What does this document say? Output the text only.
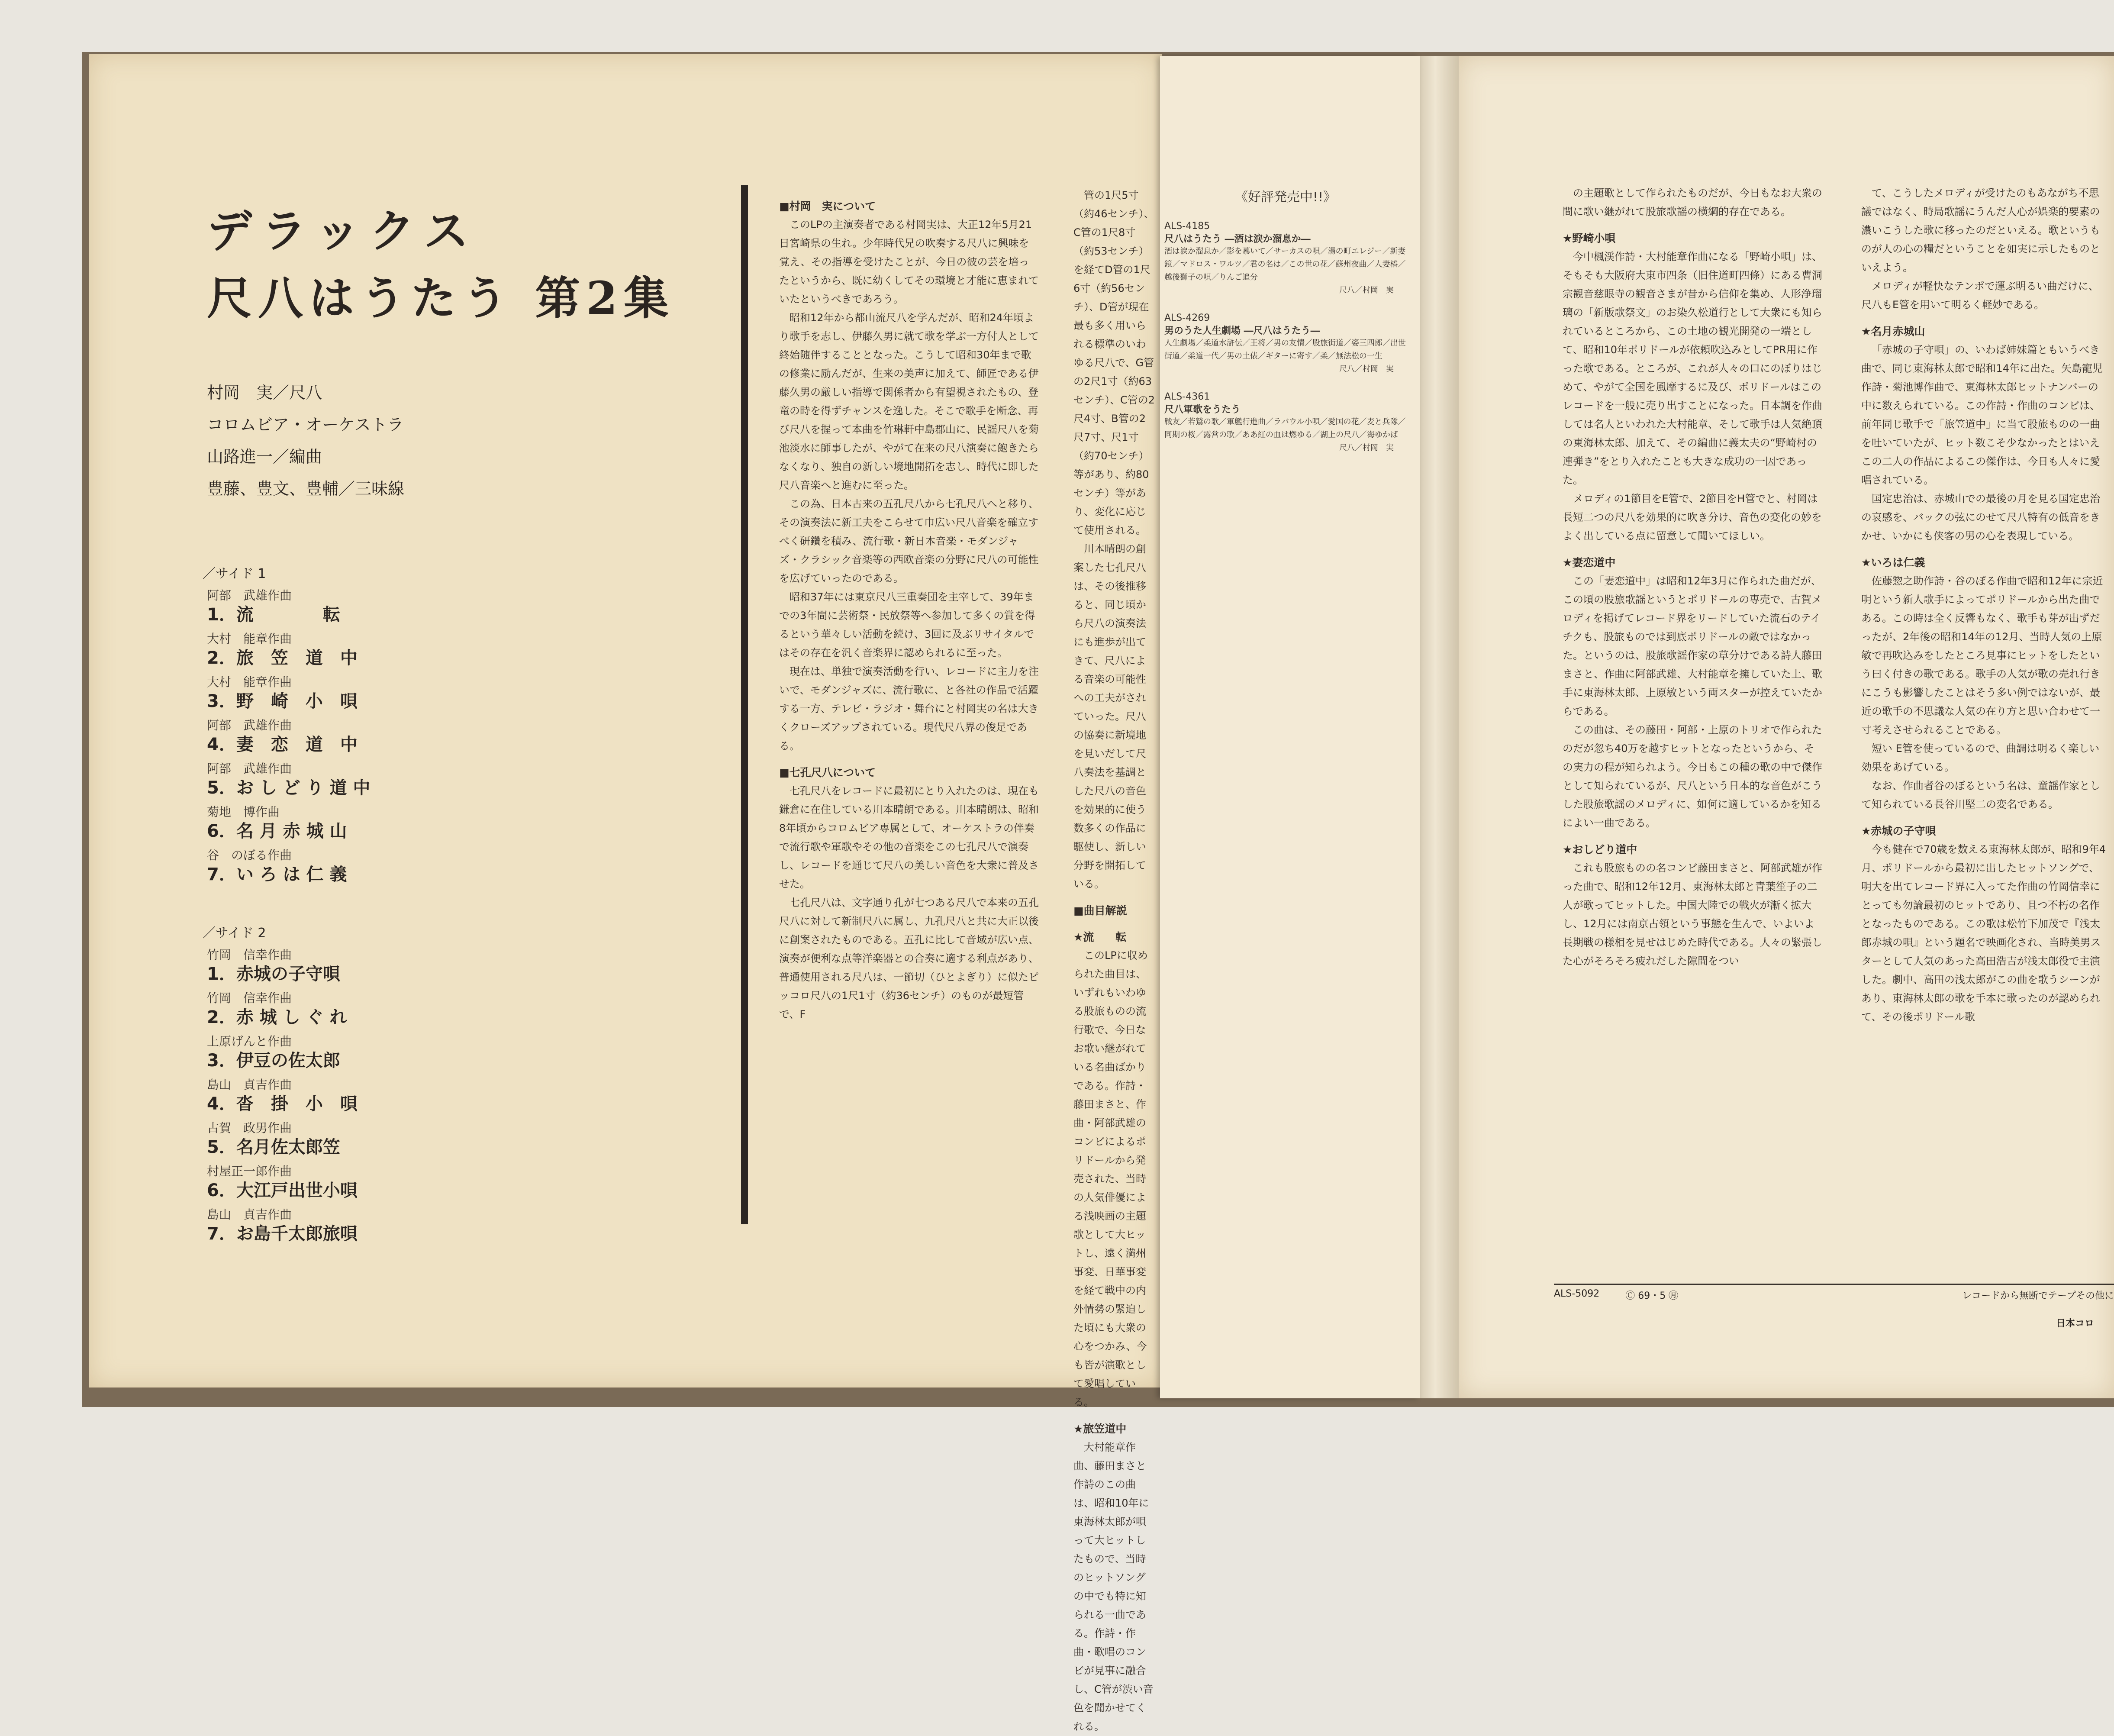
デラックス
尺八はうたう 第2集
村岡　実／尺八
コロムビア・オーケストラ
山路進一／編曲
豊藤、豊文、豊輔／三味線
／サイド 1
阿部　武雄作曲
1．流　　　　転
大村　能章作曲
2．旅　笠　道　中
大村　能章作曲
3．野　崎　小　唄
阿部　武雄作曲
4．妻　恋　道　中
阿部　武雄作曲
5．お し ど り 道 中
菊地　博作曲
6．名 月 赤 城 山
谷　のぼる作曲
7．い ろ は 仁 義
／サイド 2
竹岡　信幸作曲
1．赤城の子守唄
竹岡　信幸作曲
2．赤 城 し ぐ れ
上原げんと作曲
3．伊豆の佐太郎
島山　貞吉作曲
4．沓　掛　小　唄
古賀　政男作曲
5．名月佐太郎笠
村屋正一郎作曲
6．大江戸出世小唄
島山　貞吉作曲
7．お島千太郎旅唄
■村岡　実について

このLPの主演奏者である村岡実は、大正12年5月21日宮崎県の生れ。少年時代兄の吹奏する尺八に興味を覚え、その指導を受けたことが、今日の彼の芸を培ったというから、既に幼くしてその環境と才能に恵まれていたというべきであろう。

昭和12年から都山流尺八を学んだが、昭和24年頃より歌手を志し、伊藤久男に就て歌を学ぶ一方付人として終始随伴することとなった。こうして昭和30年まで歌の修業に励んだが、生来の美声に加えて、師匠である伊藤久男の厳しい指導で関係者から有望視されたもの、登竜の時を得ずチャンスを逸した。そこで歌手を断念、再び尺八を握って本曲を竹琳軒中島郡山に、民謡尺八を菊池淡水に師事したが、やがて在来の尺八演奏に飽きたらなくなり、独自の新しい境地開拓を志し、時代に即した尺八音楽へと進むに至った。

この為、日本古来の五孔尺八から七孔尺八へと移り、その演奏法に新工夫をこらせて巾広い尺八音楽を確立すべく研鑽を積み、流行歌・新日本音楽・モダンジャズ・クラシック音楽等の西欧音楽の分野に尺八の可能性を広げていったのである。

昭和37年には東京尺八三重奏団を主宰して、39年までの3年間に芸術祭・民放祭等へ参加して多くの賞を得るという華々しい活動を続け、3回に及ぶリサイタルではその存在を汎く音楽界に認められるに至った。

現在は、単独で演奏活動を行い、レコードに主力を注いで、モダンジャズに、流行歌に、と各社の作品で活躍する一方、テレビ・ラジオ・舞台にと村岡実の名は大きくクローズアップされている。現代尺八界の俊足である。

■七孔尺八について

七孔尺八をレコードに最初にとり入れたのは、現在も鎌倉に在住している川本晴朗である。川本晴朗は、昭和8年頃からコロムビア専属として、オーケストラの伴奏で流行歌や軍歌やその他の音楽をこの七孔尺八で演奏し、レコードを通じて尺八の美しい音色を大衆に普及させた。

七孔尺八は、文字通り孔が七つある尺八で本来の五孔尺八に対して新制尺八に属し、九孔尺八と共に大正以後に創案されたものである。五孔に比して音域が広い点、演奏が便利な点等洋楽器との合奏に適する利点があり、普通使用される尺八は、一節切（ひとよぎり）に似たピッコロ尺八の1尺1寸（約36センチ）のものが最短管で、F

管の1尺5寸（約46センチ）、C管の1尺8寸（約53センチ）を経てD管の1尺6寸（約56センチ）、D管が現在最も多く用いられる標準のいわゆる尺八で、G管の2尺1寸（約63センチ）、C管の2尺4寸、B管の2尺7寸、尺1寸（約70センチ）等があり、約80センチ）等があり、変化に応じて使用される。

川本晴朗の創案した七孔尺八は、その後推移ると、同じ頃から尺八の演奏法にも進歩が出てきて、尺八による音楽の可能性への工夫がされていった。尺八の協奏に新境地を見いだして尺八奏法を基調とした尺八の音色を効果的に使う数多くの作品に駆使し、新しい分野を開拓している。

■曲目解説
★流　　転

このLPに収められた曲目は、いずれもいわゆる股旅ものの流行歌で、今日なお歌い継がれている名曲ばかりである。作詩・藤田まさと、作曲・阿部武雄のコンビによるポリドールから発売された、当時の人気俳優による浅映画の主題歌として大ヒットし、遠く満州事変、日華事変を経て戦中の内外情勢の緊迫した頃にも大衆の心をつかみ、今も皆が演歌として愛唱している。

★旅笠道中

大村能章作曲、藤田まさと作詩のこの曲は、昭和10年に東海林太郎が唄って大ヒットしたもので、当時のヒットソングの中でも特に知られる一曲である。作詩・作曲・歌唱のコンビが見事に融合し、C管が渋い音色を聞かせてくれる。

《好評発売中!!》
ALS-4185
尺八はうたう ―酒は涙か溜息か―
酒は涙か溜息か／影を慕いて／サーカスの唄／湯の町エレジー／新妻鏡／マドロス・ワルツ／君の名は／この世の花／蘇州夜曲／人妻椿／越後獅子の唄／りんご追分
尺八／村岡　実
ALS-4269
男のうた人生劇場 ―尺八はうたう―
人生劇場／柔道水滸伝／王将／男の友情／股旅街道／姿三四郎／出世街道／柔道一代／男の土俵／ギターに寄す／柔／無法松の一生
尺八／村岡　実
ALS-4361
尺八軍歌をうたう
戦友／若鷲の歌／軍艦行進曲／ラバウル小唄／愛国の花／麦と兵隊／同期の桜／露営の歌／ああ紅の血は燃ゆる／湖上の尺八／海ゆかば
尺八／村岡　実

の主題歌として作られたものだが、今日もなお大衆の間に歌い継がれて股旅歌謡の横綱的存在である。

★野崎小唄

今中楓渓作詩・大村能章作曲になる「野崎小唄」は、そもそも大阪府大東市四条（旧住道町四條）にある曹洞宗観音慈眼寺の観音さまが昔から信仰を集め、人形浄瑠璃の「新版歌祭文」のお染久松道行として大衆にも知られているところから、この土地の観光開発の一端として、昭和10年ポリドールが依頼吹込みとしてPR用に作った歌である。ところが、これが人々の口にのぼりはじめて、やがて全国を風靡するに及び、ポリドールはこのレコードを一般に売り出すことになった。日本調を作曲しては名人といわれた大村能章、そして歌手は人気絶頂の東海林太郎、加えて、その編曲に義太夫の“野崎村の連弾き”をとり入れたことも大きな成功の一因であった。

メロディの1節目をE管で、2節目をH管でと、村岡は長短二つの尺八を効果的に吹き分け、音色の変化の妙をよく出している点に留意して聞いてほしい。

★妻恋道中

この「妻恋道中」は昭和12年3月に作られた曲だが、この頃の股旅歌謡というとポリドールの専売で、古賀メロディを掲げてレコード界をリードしていた流石のテイチクも、股旅ものでは到底ポリドールの敵ではなかった。というのは、股旅歌謡作家の草分けである詩人藤田まさと、作曲に阿部武雄、大村能章を擁していた上、歌手に東海林太郎、上原敏という両スターが控えていたからである。

この曲は、その藤田・阿部・上原のトリオで作られたのだが忽ち40万を越すヒットとなったというから、その実力の程が知られよう。今日もこの種の歌の中で傑作として知られているが、尺八という日本的な音色がこうした股旅歌謡のメロディに、如何に適しているかを知るによい一曲である。

★おしどり道中

これも股旅ものの名コンビ藤田まさと、阿部武雄が作った曲で、昭和12年12月、東海林太郎と青葉笙子の二人が歌ってヒットした。中国大陸での戦火が漸く拡大し、12月には南京占領という事態を生んで、いよいよ長期戦の様相を見せはじめた時代である。人々の緊張した心がそろそろ疲れだした隙間をつい

て、こうしたメロディが受けたのもあながち不思議ではなく、時局歌謡にうんだ人心が娯楽的要素の濃いこうした歌に移ったのだといえる。歌というものが人の心の糧だということを如実に示したものといえよう。

メロディが軽快なテンポで運ぶ明るい曲だけに、尺八もE管を用いて明るく軽妙である。

★名月赤城山

「赤城の子守唄」の、いわば姉妹篇ともいうべき曲で、同じ東海林太郎で昭和14年に出た。矢島寵児作詩・菊池博作曲で、東海林太郎ヒットナンバーの中に数えられている。この作詩・作曲のコンビは、前年同じ歌手で「旅笠道中」に当て股旅ものの一曲を吐いていたが、ヒット数こそ少なかったとはいえこの二人の作品によるこの傑作は、今日も人々に愛唱されている。

国定忠治は、赤城山での最後の月を見る国定忠治の哀感を、バックの弦にのせて尺八特有の低音をきかせ、いかにも侠客の男の心を表現している。

★いろは仁義

佐藤惣之助作詩・谷のぼる作曲で昭和12年に宗近明という新人歌手によってポリドールから出た曲である。この時は全く反響もなく、歌手も芽が出ずだったが、2年後の昭和14年の12月、当時人気の上原敏で再吹込みをしたところ見事にヒットをしたという曰く付きの歌である。歌手の人気が歌の売れ行きにこうも影響したことはそう多い例ではないが、最近の歌手の不思議な人気の在り方と思い合わせて一寸考えさせられることである。

短い E管を使っているので、曲調は明るく楽しい効果をあげている。

なお、作曲者谷のぼるという名は、童謡作家として知られている長谷川堅二の変名である。

★赤城の子守唄

今も健在で70歳を数える東海林太郎が、昭和9年4月、ポリドールから最初に出したヒットソングで、明大を出てレコード界に入ってた作曲の竹岡信幸にとっても勿論最初のヒットであり、且つ不朽の名作となったものである。この歌は松竹下加茂で『浅太郎赤城の唄』という題名で映画化され、当時美男スターとして人気のあった高田浩吉が浅太郎役で主演した。劇中、高田の浅太郎がこの曲を歌うシーンがあり、東海林太郎の歌を手本に歌ったのが認められて、その後ポリドール歌

ALS-5092	Ⓒ 69・5 ㊊	レコードから無断でテープその他に
日本コロ
